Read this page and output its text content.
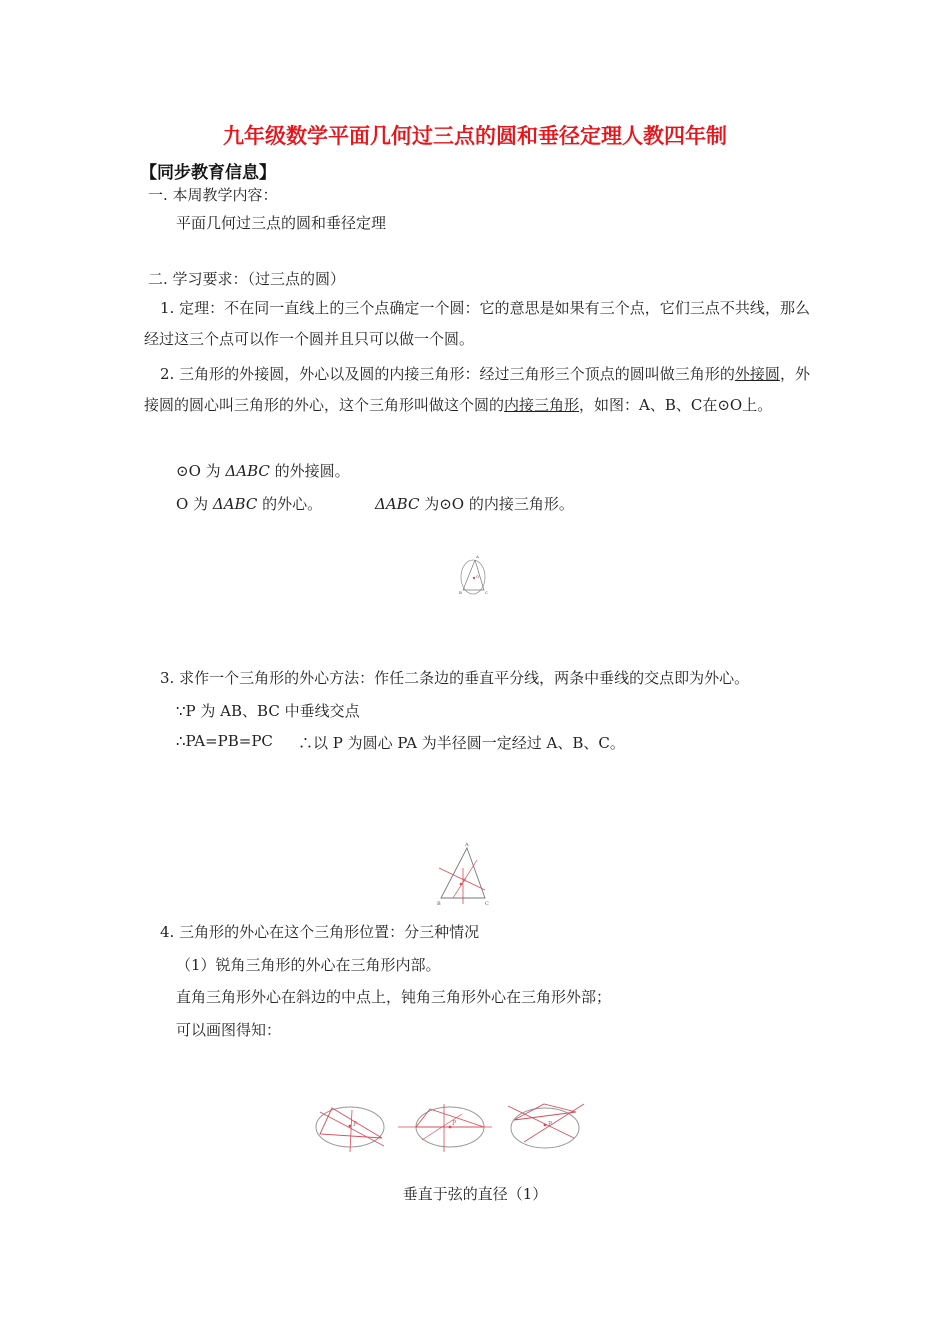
九年级数学平面几何过三点的圆和垂径定理人教四年制
【同步教育信息】
一. 本周教学内容：
平面几何过三点的圆和垂径定理
二. 学习要求：（过三点的圆）
1. 定理：不在同一直线上的三个点确定一个圆：它的意思是如果有三个点，它们三点不共线，那么经过这三个点可以作一个圆并且只可以做一个圆。
2. 三角形的外接圆，外心以及圆的内接三角形：经过三角形三个顶点的圆叫做三角形的外接圆，外接圆的圆心叫三角形的外心，这个三角形叫做这个圆的内接三角形，如图：A、B、C在⊙O上。
⊙O 为 ΔABC 的外接圆。
O 为 ΔABC 的外心。	ΔABC 为⊙O 的内接三角形。
A
O
B	C
3. 求作一个三角形的外心方法：作任二条边的垂直平分线，两条中垂线的交点即为外心。
∵P 为 AB、BC 中垂线交点
∴PA=PB=PC ∴以 P 为圆心 PA 为半径圆一定经过 A、B、C。
A
P
B	C
4. 三角形的外心在这个三角形位置：分三种情况
（1）锐角三角形的外心在三角形内部。
直角三角形外心在斜边的中点上，钝角三角形外心在三角形外部；
可以画图得知：
P	P	P
垂直于弦的直径（1）
